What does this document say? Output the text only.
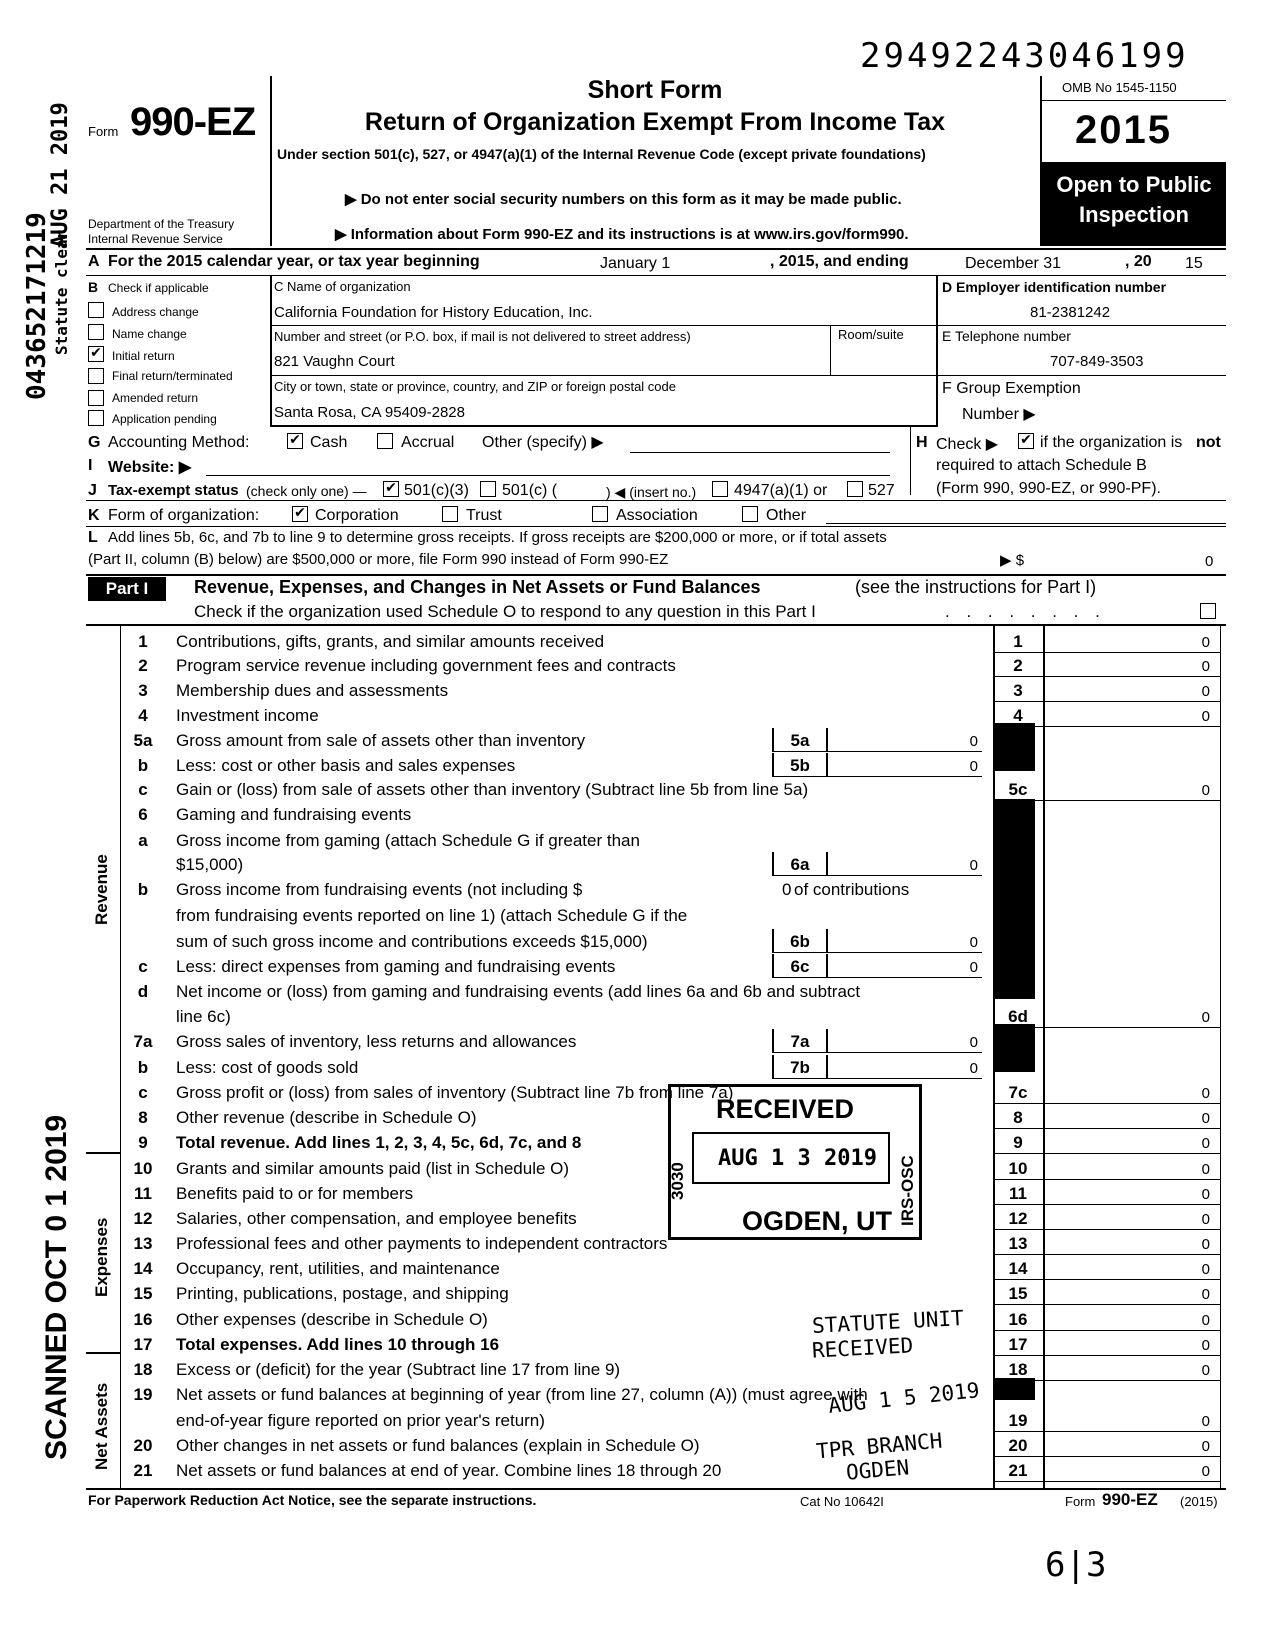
043652171219 Statute clear
AUG 21 2019
SCANNED OCT 0 1 2019
29492243046199
Form 990-EZ
Department of the Treasury
Internal Revenue Service
Short Form
Return of Organization Exempt From Income Tax
Under section 501(c), 527, or 4947(a)(1) of the Internal Revenue Code (except private foundations)
▶ Do not enter social security numbers on this form as it may be made public.
▶ Information about Form 990-EZ and its instructions is at www.irs.gov/form990.
OMB No 1545-1150
2015
Open to Public
Inspection
A For the 2015 calendar year, or tax year beginning	January 1	, 2015, and ending	December 31	, 20 15
B Check if applicable
Address change
Name change
✔ Initial return
Final return/terminated
Amended return
Application pending
C Name of organization
California Foundation for History Education, Inc.
Number and street (or P.O. box, if mail is not delivered to street address)	Room/suite
821 Vaughn Court
City or town, state or province, country, and ZIP or foreign postal code
Santa Rosa, CA 95409-2828
D Employer identification number
81-2381242
E Telephone number
707-849-3503
F Group Exemption
Number ▶
G Accounting Method:	✔ Cash	Accrual Other (specify) ▶	H Check ▶ ✔ if the organization is not
required to attach Schedule B
(Form 990, 990-EZ, or 990-PF).
I Website: ▶
J Tax-exempt status (check only one) — ✔ 501(c)(3) 501(c) (	) ◀ (insert no.) 4947(a)(1) or	527
K Form of organization: ✔ Corporation	Trust	Association	Other
L Add lines 5b, 6c, and 7b to line 9 to determine gross receipts. If gross receipts are $200,000 or more, or if total assets
(Part II, column (B) below) are $500,000 or more, file Form 990 instead of Form 990-EZ	▶ $	0
Part I	Revenue, Expenses, and Changes in Net Assets or Fund Balances	(see the instructions for Part I)
Check if the organization used Schedule O to respond to any question in this Part I	. . . . . . . .
Revenue
Expenses
Net Assets
1	Contributions, gifts, grants, and similar amounts received	1	0
2	Program service revenue including government fees and contracts	2	0
3	Membership dues and assessments	3	0
4	Investment income	4	0
5a	Gross amount from sale of assets other than inventory	5a	0
b	Less: cost or other basis and sales expenses	5b	0
c	Gain or (loss) from sale of assets other than inventory (Subtract line 5b from line 5a)	5c	0
6	Gaming and fundraising events
a	Gross income from gaming (attach Schedule G if greater than
$15,000)	6a	0
b	Gross income from fundraising events (not including $	0 of contributions
from fundraising events reported on line 1) (attach Schedule G if the
sum of such gross income and contributions exceeds $15,000)	6b	0
c	Less: direct expenses from gaming and fundraising events	6c	0
d	Net income or (loss) from gaming and fundraising events (add lines 6a and 6b and subtract
line 6c)	6d	0
7a	Gross sales of inventory, less returns and allowances	7a	0
b	Less: cost of goods sold	7b	0
c	Gross profit or (loss) from sales of inventory (Subtract line 7b from line 7a)	7c	0
8	Other revenue (describe in Schedule O)	8	0
9	Total revenue. Add lines 1, 2, 3, 4, 5c, 6d, 7c, and 8	9	0
10	Grants and similar amounts paid (list in Schedule O)	10	0
11	Benefits paid to or for members	11	0
12	Salaries, other compensation, and employee benefits	12	0
13	Professional fees and other payments to independent contractors	13	0
14	Occupancy, rent, utilities, and maintenance	14	0
15	Printing, publications, postage, and shipping	15	0
16	Other expenses (describe in Schedule O)	16	0
17	Total expenses. Add lines 10 through 16	17	0
18	Excess or (deficit) for the year (Subtract line 17 from line 9)	18	0
19	Net assets or fund balances at beginning of year (from line 27, column (A)) (must agree with
end-of-year figure reported on prior year's return)	19	0
20	Other changes in net assets or fund balances (explain in Schedule O)	20	0
21	Net assets or fund balances at end of year. Combine lines 18 through 20	21	0
RECEIVED
AUG 1 3 2019
OGDEN, UT
3030	IRS-OSC
STATUTE UNIT
RECEIVED
AUG 1 5 2019
TPR BRANCH
OGDEN
For Paperwork Reduction Act Notice, see the separate instructions.	Cat No 10642I	Form 990-EZ (2015)
6|3
